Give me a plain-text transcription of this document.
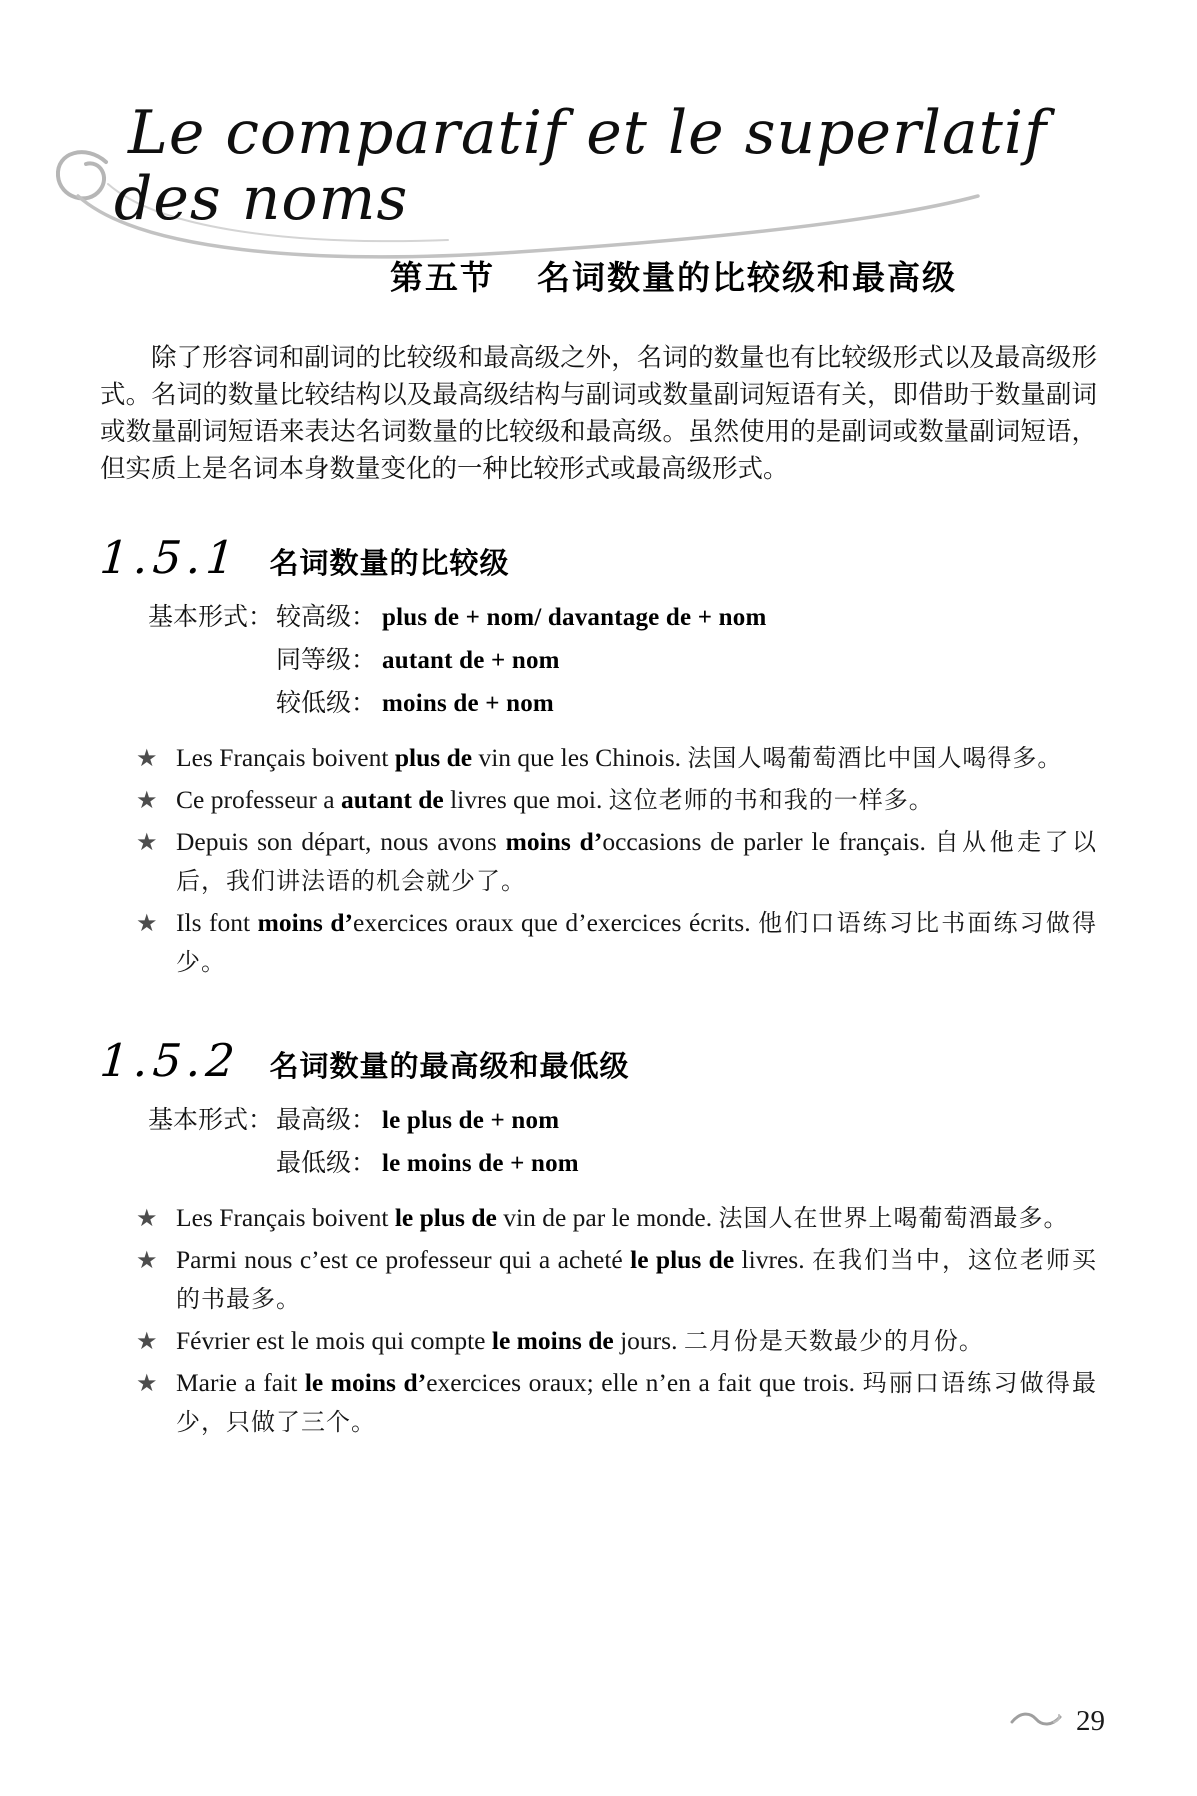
Le comparatif et le superlatif
des noms
第五节 名词数量的比较级和最高级

除了形容词和副词的比较级和最高级之外，名词的数量也有比较级形式以及最高级形式。名词的数量比较结构以及最高级结构与副词或数量副词短语有关，即借助于数量副词或数量副词短语来表达名词数量的比较级和最高级。虽然使用的是副词或数量副词短语，但实质上是名词本身数量变化的一种比较形式或最高级形式。

1.5.1 名词数量的比较级
基本形式： 较高级： plus de + nom/ davantage de + nom
同等级： autant de + nom
较低级： moins de + nom
★ Les Français boivent plus de vin que les Chinois. 法国人喝葡萄酒比中国人喝得多。
★ Ce professeur a autant de livres que moi. 这位老师的书和我的一样多。
★ Depuis son départ, nous avons moins d’occasions de parler le français. 自从他走了以后，我们讲法语的机会就少了。
★ Ils font moins d’exercices oraux que d’exercices écrits. 他们口语练习比书面练习做得少。
1.5.2 名词数量的最高级和最低级
基本形式： 最高级： le plus de + nom
最低级： le moins de + nom
★ Les Français boivent le plus de vin de par le monde. 法国人在世界上喝葡萄酒最多。
★ Parmi nous c’est ce professeur qui a acheté le plus de livres. 在我们当中，这位老师买的书最多。
★ Février est le mois qui compte le moins de jours. 二月份是天数最少的月份。
★ Marie a fait le moins d’exercices oraux; elle n’en a fait que trois. 玛丽口语练习做得最少，只做了三个。
29
